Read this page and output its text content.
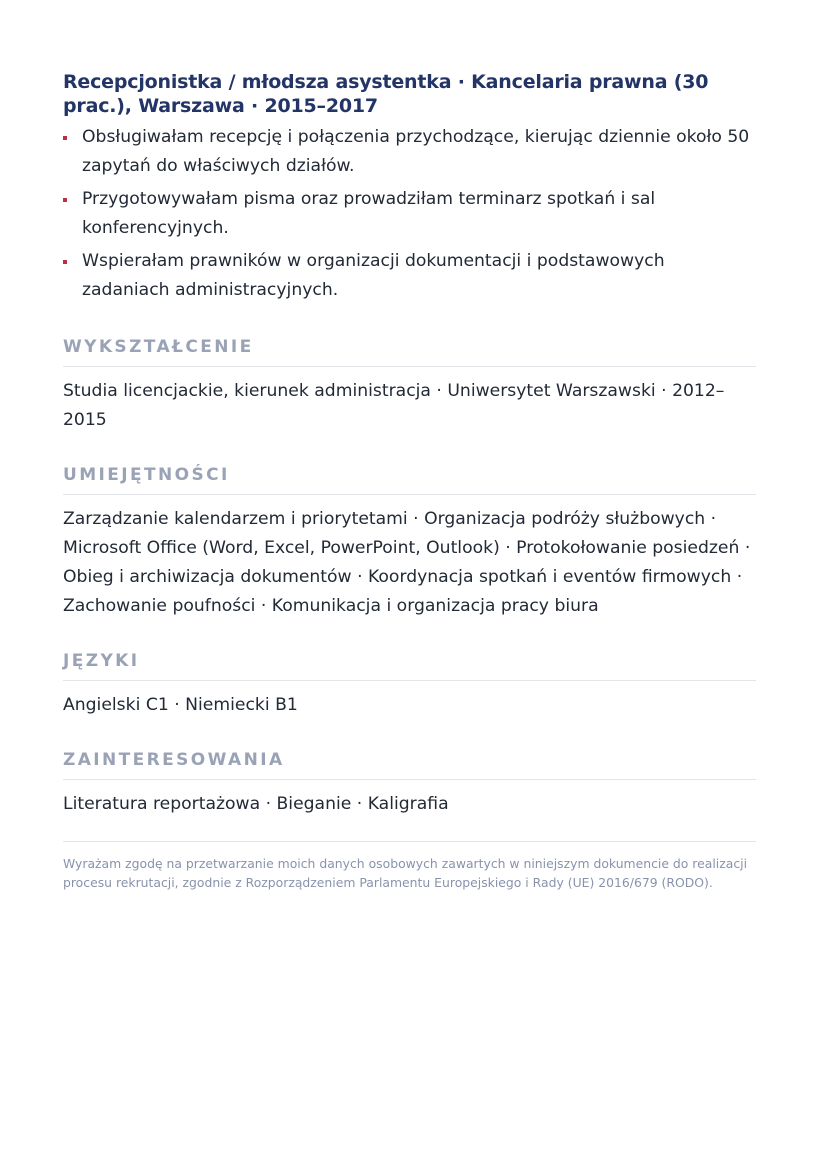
Recepcjonistka / młodsza asystentka · Kancelaria prawna (30 prac.), Warszawa · 2015–2017
Obsługiwałam recepcję i połączenia przychodzące, kierując dziennie około 50 zapytań do właściwych działów.
Przygotowywałam pisma oraz prowadziłam terminarz spotkań i sal konferencyjnych.
Wspierałam prawników w organizacji dokumentacji i podstawowych zadaniach administracyjnych.
WYKSZTAŁCENIE
Studia licencjackie, kierunek administracja · Uniwersytet Warszawski · 2012–2015
UMIEJĘTNOŚCI
Zarządzanie kalendarzem i priorytetami · Organizacja podróży służbowych · Microsoft Office (Word, Excel, PowerPoint, Outlook) · Protokołowanie posiedzeń · Obieg i archiwizacja dokumentów · Koordynacja spotkań i eventów firmowych · Zachowanie poufności · Komunikacja i organizacja pracy biura
JĘZYKI
Angielski C1 · Niemiecki B1
ZAINTERESOWANIA
Literatura reportażowa · Bieganie · Kaligrafia
Wyrażam zgodę na przetwarzanie moich danych osobowych zawartych w niniejszym dokumencie do realizacji procesu rekrutacji, zgodnie z Rozporządzeniem Parlamentu Europejskiego i Rady (UE) 2016/679 (RODO).
